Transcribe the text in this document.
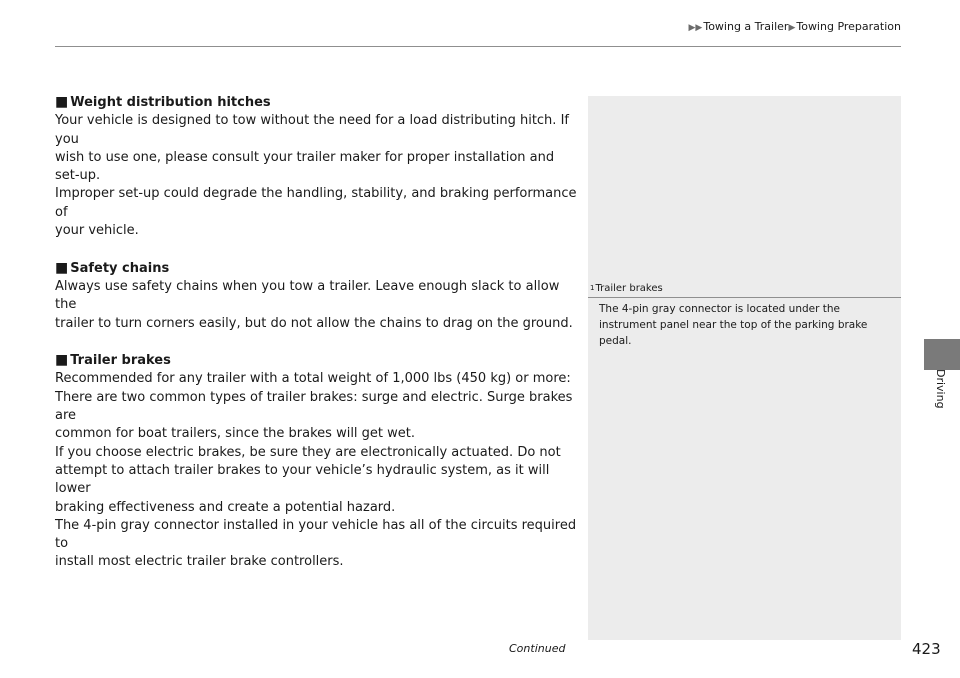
▶▶Towing a Trailer▶Towing Preparation
■ Weight distribution hitches

Your vehicle is designed to tow without the need for a load distributing hitch. If you
wish to use one, please consult your trailer maker for proper installation and set-up.
Improper set-up could degrade the handling, stability, and braking performance of
your vehicle.

■ Safety chains

Always use safety chains when you tow a trailer. Leave enough slack to allow the
trailer to turn corners easily, but do not allow the chains to drag on the ground.

■ Trailer brakes

Recommended for any trailer with a total weight of 1,000 lbs (450 kg) or more:
There are two common types of trailer brakes: surge and electric. Surge brakes are
common for boat trailers, since the brakes will get wet.
If you choose electric brakes, be sure they are electronically actuated. Do not
attempt to attach trailer brakes to your vehicle’s hydraulic system, as it will lower
braking effectiveness and create a potential hazard.
The 4-pin gray connector installed in your vehicle has all of the circuits required to
install most electric trailer brake controllers.

$^1$Trailer brakes
The 4-pin gray connector is located under the
instrument panel near the top of the parking brake
pedal.
Driving
Continued	423
